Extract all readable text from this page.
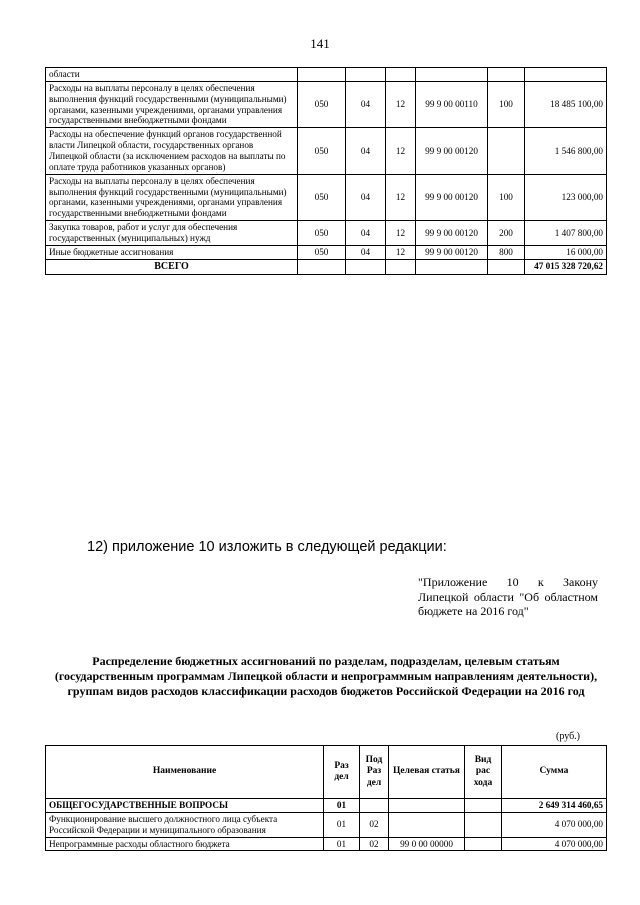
141
области						
Расходы на выплаты персоналу в целях обеспечения выполнения функций государственными (муниципальными) органами, казенными учреждениями, органами управления государственными внебюджетными фондами	050	04	12	99 9 00 00110	100	18 485 100,00
Расходы на обеспечение функций органов государственной власти Липецкой области, государственных органов Липецкой области (за исключением расходов на выплаты по оплате труда работников указанных органов)	050	04	12	99 9 00 00120		1 546 800,00
Расходы на выплаты персоналу в целях обеспечения выполнения функций государственными (муниципальными) органами, казенными учреждениями, органами управления государственными внебюджетными фондами	050	04	12	99 9 00 00120	100	123 000,00
Закупка товаров, работ и услуг для обеспечения государственных (муниципальных) нужд	050	04	12	99 9 00 00120	200	1 407 800,00
Иные бюджетные ассигнования	050	04	12	99 9 00 00120	800	16 000,00
ВСЕГО						47 015 328 720,62
12) приложение 10 изложить в следующей редакции:
"Приложение 10 к Закону Липецкой области "Об областном бюджете на 2016 год"
Распределение бюджетных ассигнований по разделам, подразделам, целевым статьям (государственным программам Липецкой области и непрограммным направлениям деятельности), группам видов расходов классификации расходов бюджетов Российской Федерации на 2016 год
(руб.)
Наименование	Раз дел	Под Раз дел	Целевая статья	Вид рас хода	Сумма
ОБЩЕГОСУДАРСТВЕННЫЕ ВОПРОСЫ	01				2 649 314 460,65
Функционирование высшего должностного лица субъекта Российской Федерации и муниципального образования	01	02			4 070 000,00
Непрограммные расходы областного бюджета	01	02	99 0 00 00000		4 070 000,00
